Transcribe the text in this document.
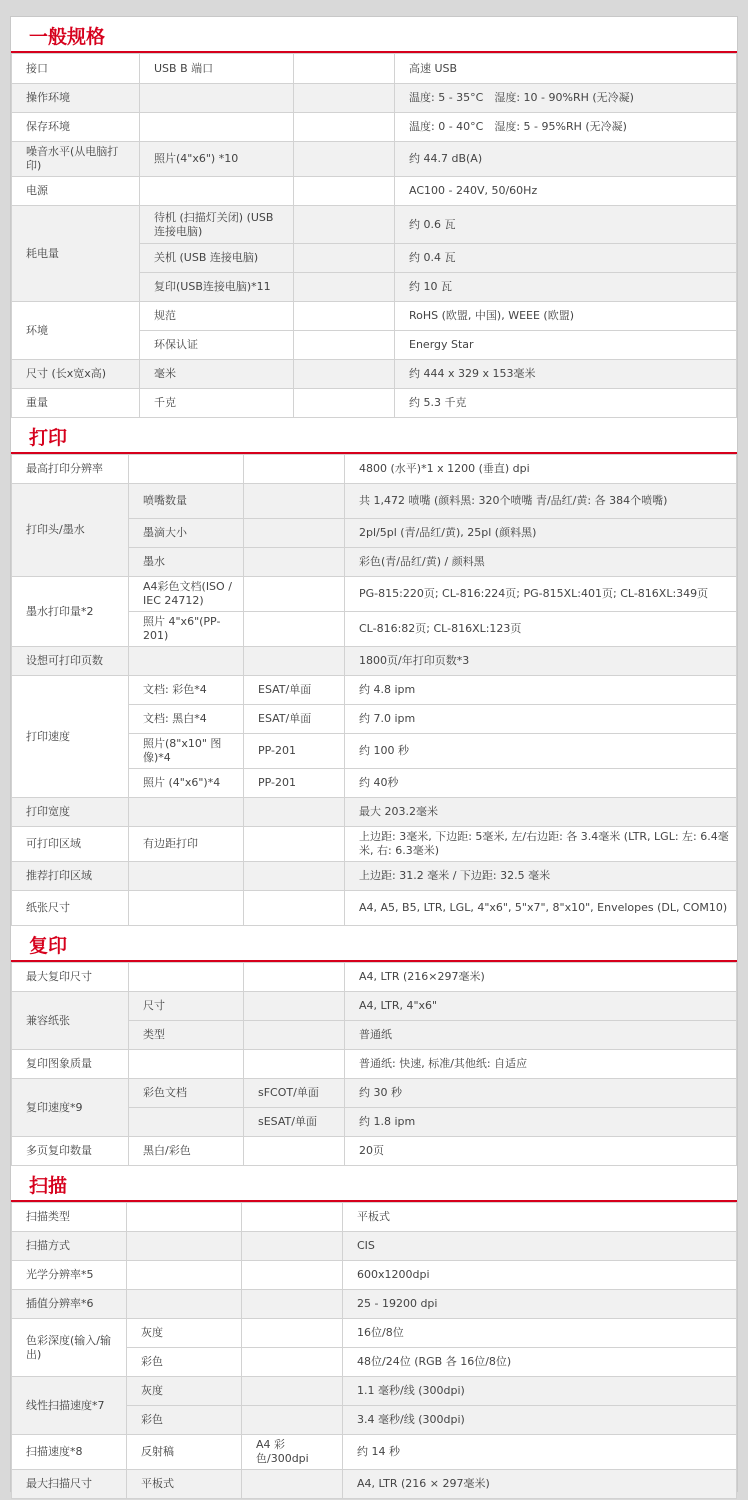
一般规格
接口	USB B 端口		高速 USB
操作环境			温度: 5 - 35°C　湿度: 10 - 90%RH (无冷凝)
保存环境			温度: 0 - 40°C　湿度: 5 - 95%RH (无冷凝)
噪音水平(从电脑打印)	照片(4"x6") *10		约 44.7 dB(A)
电源			AC100 - 240V, 50/60Hz
耗电量	待机 (扫描灯关闭) (USB 连接电脑)		约 0.6 瓦
	关机 (USB 连接电脑)		约 0.4 瓦
	复印(USB连接电脑)*11		约 10 瓦
环境	规范		RoHS (欧盟, 中国), WEEE (欧盟)
	环保认证		Energy Star
尺寸 (长x宽x高)	毫米		约 444 x 329 x 153毫米
重量	千克		约 5.3 千克
打印
最高打印分辨率			4800 (水平)*1 x 1200 (垂直) dpi
打印头/墨水	喷嘴数量		共 1,472 喷嘴 (颜料黑: 320个喷嘴 青/品红/黄: 各 384个喷嘴)
	墨滴大小		2pl/5pl (青/品红/黄), 25pl (颜料黑)
	墨水		彩色(青/品红/黄) / 颜料黑
墨水打印量*2	A4彩色文档(ISO / IEC 24712)		PG-815:220页; CL-816:224页; PG-815XL:401页; CL-816XL:349页
	照片 4"x6"(PP-201)		CL-816:82页; CL-816XL:123页
设想可打印页数			1800页/年打印页数*3
打印速度	文档: 彩色*4	ESAT/单面	约 4.8 ipm
	文档: 黑白*4	ESAT/单面	约 7.0 ipm
	照片(8"x10" 图像)*4	PP-201	约 100 秒
	照片 (4"x6")*4	PP-201	约 40秒
打印宽度			最大 203.2毫米
可打印区域	有边距打印		上边距: 3毫米, 下边距: 5毫米, 左/右边距: 各 3.4毫米 (LTR, LGL: 左: 6.4毫米, 右: 6.3毫米)
推荐打印区域			上边距: 31.2 毫米 / 下边距: 32.5 毫米
纸张尺寸			A4, A5, B5, LTR, LGL, 4"x6", 5"x7", 8"x10", Envelopes (DL, COM10)
复印
最大复印尺寸			A4, LTR (216×297毫米)
兼容纸张	尺寸		A4, LTR, 4"x6"
	类型		普通纸
复印图象质量			普通纸: 快速, 标准/其他纸: 自适应
复印速度*9	彩色文档	sFCOT/单面	约 30 秒
		sESAT/单面	约 1.8 ipm
多页复印数量	黑白/彩色		20页
扫描
扫描类型			平板式
扫描方式			CIS
光学分辨率*5			600x1200dpi
插值分辨率*6			25 - 19200 dpi
色彩深度(输入/输出)	灰度		16位/8位
	彩色		48位/24位 (RGB 各 16位/8位)
线性扫描速度*7	灰度		1.1 毫秒/线 (300dpi)
	彩色		3.4 毫秒/线 (300dpi)
扫描速度*8	反射稿	A4 彩色/300dpi	约 14 秒
最大扫描尺寸	平板式		A4, LTR (216 × 297毫米)
